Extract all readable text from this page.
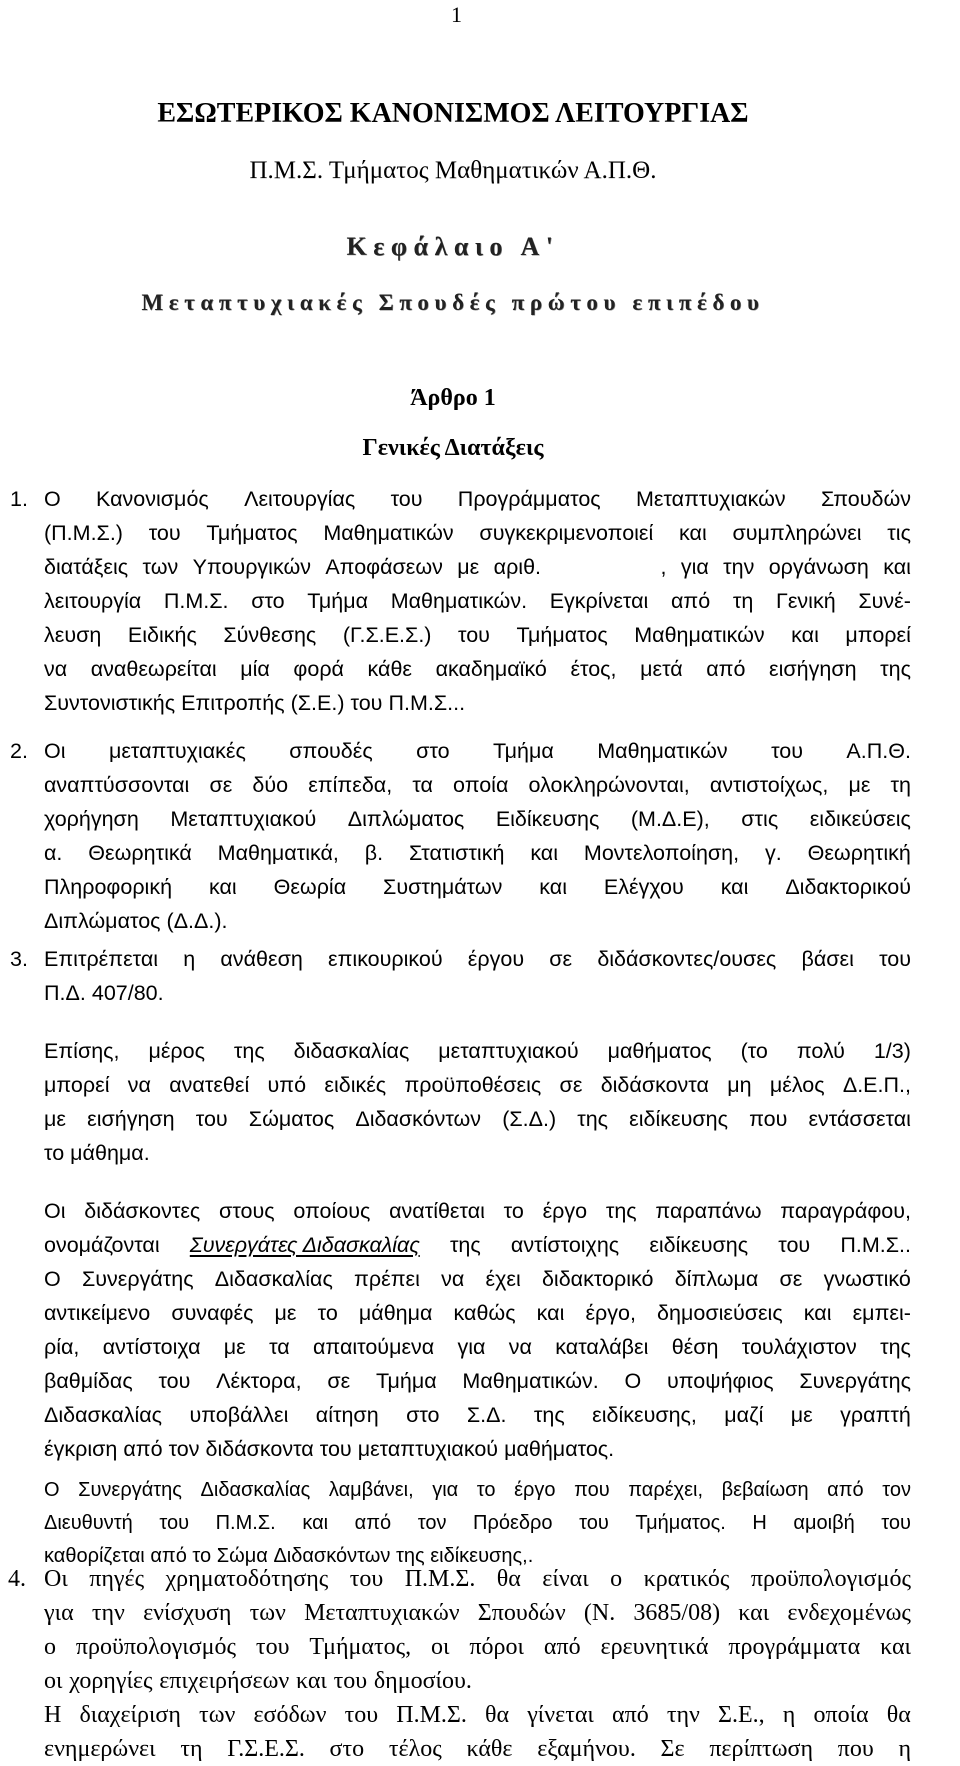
1
ΕΣΩΤΕΡΙΚΟΣ ΚΑΝΟΝΙΣΜΟΣ ΛΕΙΤΟΥΡΓΙΑΣ
Π.Μ.Σ. Τμήματος Μαθηματικών Α.Π.Θ.
Κεφάλαιο Α'
Μεταπτυχιακές Σπουδές πρώτου επιπέδου
Άρθρο 1
Γενικές Διατάξεις
1. Ο Κανονισμός Λειτουργίας του Προγράμματος Μεταπτυχιακών Σπουδών
(Π.Μ.Σ.) του Τμήματος Μαθηματικών συγκεκριμενοποιεί και συμπληρώνει τις
διατάξεις των Υπουργικών Αποφάσεων με αριθ.                    , για την οργάνωση και
λειτουργία Π.Μ.Σ. στο Τμήμα Μαθηματικών. Εγκρίνεται από τη Γενική Συνέ-
λευση Ειδικής Σύνθεσης (Γ.Σ.Ε.Σ.) του Τμήματος Μαθηματικών και μπορεί
να αναθεωρείται μία φορά κάθε ακαδημαϊκό έτος, μετά από εισήγηση της
Συντονιστικής Επιτροπής (Σ.Ε.) του Π.Μ.Σ...
2. Οι μεταπτυχιακές σπουδές στο Τμήμα Μαθηματικών του Α.Π.Θ.
αναπτύσσονται σε δύο επίπεδα, τα οποία ολοκληρώνονται, αντιστοίχως, με τη
χορήγηση Μεταπτυχιακού Διπλώματος Ειδίκευσης (Μ.Δ.Ε), στις ειδικεύσεις
α. Θεωρητικά Μαθηματικά, β. Στατιστική και Μοντελοποίηση, γ. Θεωρητική
Πληροφορική και Θεωρία Συστημάτων και Ελέγχου και Διδακτορικού
Διπλώματος (Δ.Δ.).
3. Επιτρέπεται η ανάθεση επικουρικού έργου σε διδάσκοντες/ουσες βάσει του
Π.Δ. 407/80.
Επίσης, μέρος της διδασκαλίας μεταπτυχιακού μαθήματος (το πολύ 1/3)
μπορεί να ανατεθεί υπό ειδικές προϋποθέσεις σε διδάσκοντα μη μέλος Δ.Ε.Π.,
με εισήγηση του Σώματος Διδασκόντων (Σ.Δ.) της ειδίκευσης που εντάσσεται
το μάθημα.
Οι διδάσκοντες στους οποίους ανατίθεται το έργο της παραπάνω παραγράφου,
ονομάζονται Συνεργάτες Διδασκαλίας της αντίστοιχης ειδίκευσης του Π.Μ.Σ..
Ο Συνεργάτης Διδασκαλίας πρέπει να έχει διδακτορικό δίπλωμα σε γνωστικό
αντικείμενο συναφές με το μάθημα καθώς και έργο, δημοσιεύσεις και εμπει-
ρία, αντίστοιχα με τα απαιτούμενα για να καταλάβει θέση τουλάχιστον της
βαθμίδας του Λέκτορα, σε Τμήμα Μαθηματικών. Ο υποψήφιος Συνεργάτης
Διδασκαλίας υποβάλλει αίτηση στο Σ.Δ. της ειδίκευσης, μαζί με γραπτή
έγκριση από τον διδάσκοντα του μεταπτυχιακού μαθήματος.
Ο Συνεργάτης Διδασκαλίας λαμβάνει, για το έργο που παρέχει, βεβαίωση από τον
Διευθυντή του Π.Μ.Σ. και από τον Πρόεδρο του Τμήματος. Η αμοιβή του
καθορίζεται από το Σώμα Διδασκόντων της ειδίκευσης,.
4. Οι πηγές χρηματοδότησης του Π.Μ.Σ. θα είναι ο κρατικός προϋπολογισμός
για την ενίσχυση των Μεταπτυχιακών Σπουδών (Ν. 3685/08) και ενδεχομένως
ο προϋπολογισμός του Τμήματος, οι πόροι από ερευνητικά προγράμματα και
οι χορηγίες επιχειρήσεων και του δημοσίου.
Η διαχείριση των εσόδων του Π.Μ.Σ. θα γίνεται από την Σ.Ε., η οποία θα
ενημερώνει τη Γ.Σ.Ε.Σ. στο τέλος κάθε εξαμήνου. Σε περίπτωση που η
